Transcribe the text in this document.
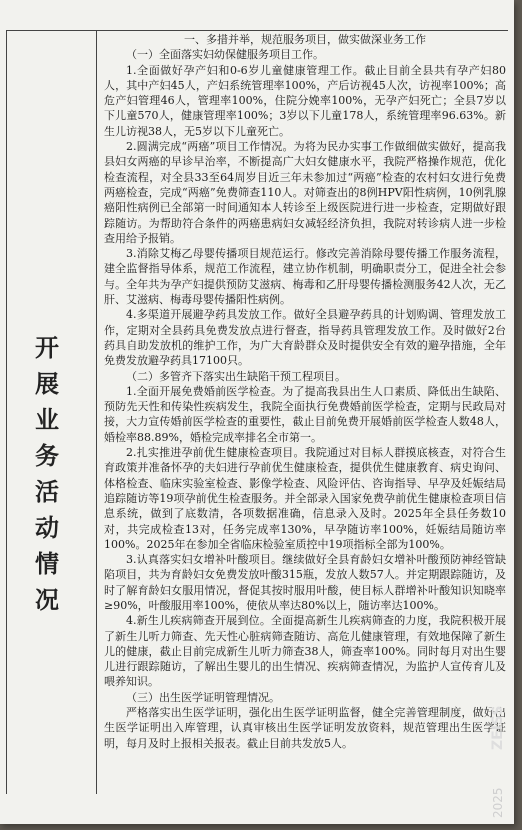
开
展
业
务
活
动
情
况

一、多措并举，规范服务项目，做实做深业务工作

（一）全面落实妇幼保健服务项目工作。

1.全面做好孕产妇和0-6岁儿童健康管理工作。截止目前全县共有孕产妇80人，其中产妇45人，产妇系统管理率100%，产后访视45人次，访视率100%；高危产妇管理46人，管理率100%，住院分娩率100%，无孕产妇死亡；全县7岁以下儿童570人，健康管理率100%；3岁以下儿童178人，系统管理率96.63%。新生儿访视38人，无5岁以下儿童死亡。

2.圆满完成“两癌”项目工作情况。为将为民办实事工作做细做实做好，提高我县妇女两癌的早诊早治率，不断提高广大妇女健康水平，我院严格操作规范，优化检查流程，对全县33至64周岁目近三年未参加过“两癌”检查的农村妇女进行免费两癌检查，完成“两癌”免费筛查110人。对筛查出的8例HPV阳性病例，10例乳腺癌阳性病例已全部第一时间通知本人转诊至上级医院进行进一步检查，定期做好跟踪随访。为帮助符合条件的两癌患病妇女减轻经济负担，我院对转诊病人进一步检查用给予报销。

3.消除艾梅乙母婴传播项目规范运行。修改完善消除母婴传播工作服务流程，建全监督指导体系，规范工作流程，建立协作机制，明确职责分工，促进全社会参与。全年共为孕产妇提供预防艾滋病、梅毒和乙肝母婴传播检测服务42人次，无乙肝、艾滋病、梅毒母婴传播阳性病例。

4.多渠道开展避孕药具发放工作。做好全县避孕药具的计划购调、管理发放工作，定期对全县药具免费发放点进行督查，指导药具管理发放工作。及时做好2台药具自助发放机的维护工作，为广大育龄群众及时提供安全有效的避孕措施，全年免费发放避孕药具17100只。

（二）多管齐下落实出生缺陷干预工程项目。

1.全面开展免费婚前医学检查。为了提高我县出生人口素质、降低出生缺陷、预防先天性和传染性疾病发生，我院全面执行免费婚前医学检查，定期与民政局对接，大力宣传婚前医学检查的重要性，截止目前免费开展婚前医学检查人数48人，婚检率88.89%，婚检完成率排名全市第一。

2.扎实推进孕前优生健康检查项目。我院通过对目标人群摸底核查，对符合生育政策并准备怀孕的夫妇进行孕前优生健康检查，提供优生健康教育、病史询问、体格检查、临床实验室检查、影像学检查、风险评估、咨询指导、早孕及妊娠结局追踪随访等19项孕前优生检查服务。并全部录入国家免费孕前优生健康检查项目信息系统，做到了底数清，各项数据准确，信息录入及时。2025年全县任务数10对，共完成检查13对，任务完成率130%，早孕随访率100%，妊娠结局随访率100%。2025年在参加全省临床检验室质控中19项指标全部为100%。

3.认真落实妇女增补叶酸项目。继续做好全县育龄妇女增补叶酸预防神经管缺陷项目，共为育龄妇女免费发放叶酸315瓶，发放人数57人。并定期跟踪随访，及时了解育龄妇女服用情况，督促其按时服用叶酸，使目标人群增补叶酸知识知晓率≥90%，叶酸服用率100%，使依从率达80%以上，随访率达100%。

4.新生儿疾病筛查开展到位。全面提高新生儿疾病筛查的力度，我院积极开展了新生儿听力筛查、先天性心脏病筛查随访、高危儿健康管理，有效地保障了新生儿的健康，截止目前完成新生儿听力筛查38人，筛查率100%。同时每月对出生婴儿进行跟踪随访，了解出生婴儿的出生情况、疾病筛查情况，为监护人宣传育儿及喂养知识。

（三）出生医学证明管理情况。

严格落实出生医学证明，强化出生医学证明监督，健全完善管理制度，做好出生医学证明出入库管理，认真审核出生医学证明发放资料，规范管理出生医学证明，每月及时上报相关报表。截止目前共发放5人。

2025
ZEISS
